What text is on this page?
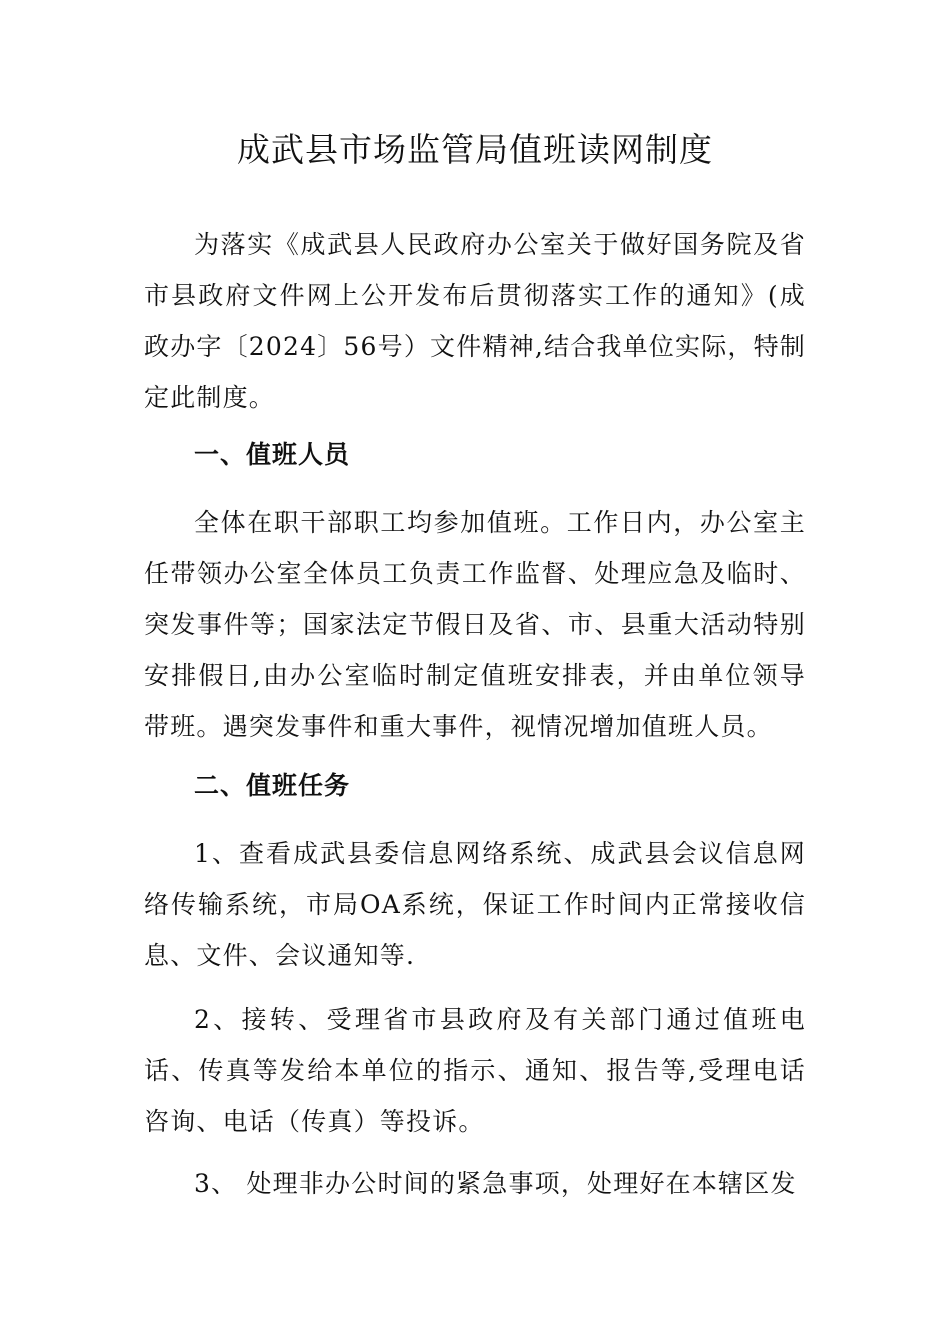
成武县市场监管局值班读网制度

为落实《成武县人民政府办公室关于做好国务院及省市县政府文件网上公开发布后贯彻落实工作的通知》(成政办字〔2024〕56号）文件精神,结合我单位实际，特制定此制度。

一、值班人员

全体在职干部职工均参加值班。工作日内，办公室主任带领办公室全体员工负责工作监督、处理应急及临时、突发事件等；国家法定节假日及省、市、县重大活动特别安排假日,由办公室临时制定值班安排表，并由单位领导带班。遇突发事件和重大事件，视情况增加值班人员。

二、值班任务

1、查看成武县委信息网络系统、成武县会议信息网络传输系统，市局OA系统，保证工作时间内正常接收信息、文件、会议通知等.

2、接转、受理省市县政府及有关部门通过值班电话、传真等发给本单位的指示、通知、报告等,受理电话咨询、电话（传真）等投诉。

3、 处理非办公时间的紧急事项，处理好在本辖区发
